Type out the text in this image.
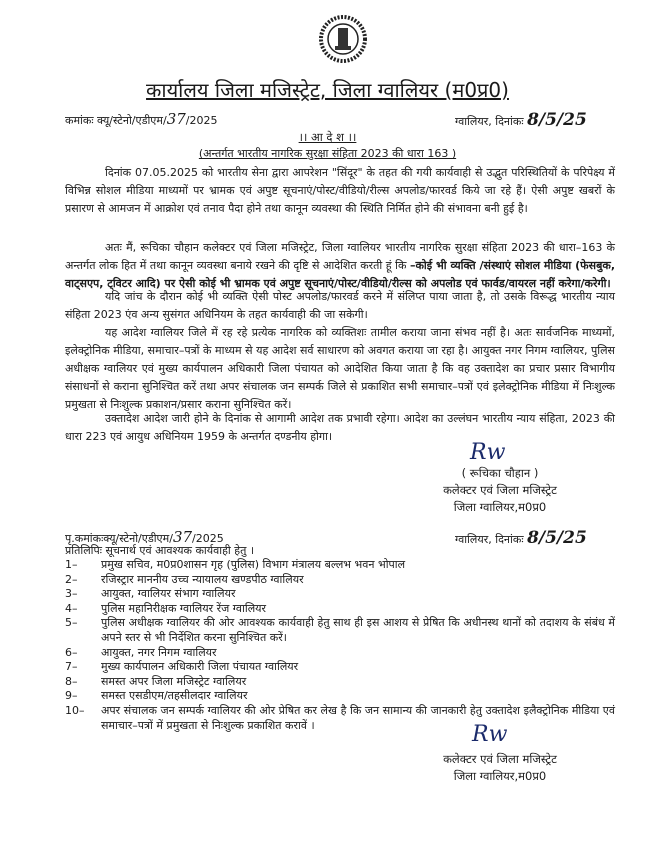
कार्यालय जिला मजिस्ट्रेट, जिला ग्वालियर (म0प्र0)
कमांकः क्यू/स्टेनो/एडीएम/37/2025	ग्वालियर, दिनांकः 8/5/25
।। आ दे श ।।
(अन्तर्गत भारतीय नागरिक सुरक्षा संहिता 2023 की धारा 163 )

दिनांक 07.05.2025 को भारतीय सेना द्वारा आपरेशन "सिंदूर" के तहत की गयी कार्यवाही से उद्भुत परिस्थितियों के परिपेक्ष्य में विभिन्न सोशल मीडिया माध्यमों पर भ्रामक एवं अपुष्ट सूचनाएं/पोस्ट/वीडियो/रील्स अपलोड/फारवर्ड किये जा रहे हैं। ऐसी अपुष्ट खबरों के प्रसारण से आमजन में आक्रोश एवं तनाव पैदा होने तथा कानून व्यवस्था की स्थिति निर्मित होने की संभावना बनी हुई है।

अतः मैं, रूचिका चौहान कलेक्टर एवं जिला मजिस्ट्रेट, जिला ग्वालियर भारतीय नागरिक सुरक्षा संहिता 2023 की धारा–163 के अन्तर्गत लोक हित में तथा कानून व्यवस्था बनाये रखने की दृष्टि से आदेशित करती हूं कि –कोई भी व्यक्ति /संस्थाएं सोशल मीडिया (फेसबुक, वाट्सएप, ट्विटर आदि) पर ऐसी कोई भी भ्रामक एवं अपुष्ट सूचनाएं/पोस्ट/वीडियो/रील्स को अपलोड एवं फार्वड/वायरल नहीं करेगा/करेगी।

यदि जांच के दौरान कोई भी व्यक्ति ऐसी पोस्ट अपलोड/फारवर्ड करने में संलिप्त पाया जाता है, तो उसके विरूद्ध भारतीय न्याय संहिता 2023 एंव अन्य सुसंगत अधिनियम के तहत कार्यवाही की जा सकेगी।

यह आदेश ग्वालियर जिले में रह रहे प्रत्येक नागरिक को व्यक्तिशः तामील कराया जाना संभव नहीं है। अतः सार्वजनिक माध्यमों, इलेक्ट्रोनिक मीडिया, समाचार–पत्रों के माध्यम से यह आदेश सर्व साधारण को अवगत कराया जा रहा है। आयुक्त नगर निगम ग्वालियर, पुलिस अधीक्षक ग्वालियर एवं मुख्य कार्यपालन अधिकारी जिला पंचायत को आदेशित किया जाता है कि वह उक्तादेश का प्रचार प्रसार विभागीय संसाधनों से कराना सुनिश्चित करें तथा अपर संचालक जन सम्पर्क जिले से प्रकाशित सभी समाचार–पत्रों एवं इलेक्ट्रोनिक मीडिया में निःशुल्क प्रमुखता से निःशुल्क प्रकाशन/प्रसार कराना सुनिश्चित करें।

उक्तादेश आदेश जारी होने के दिनांक से आगामी आदेश तक प्रभावी रहेगा। आदेश का उल्लंघन भारतीय न्याय संहिता, 2023 की धारा 223 एवं आयुध अधिनियम 1959 के अन्तर्गत दण्डनीय होगा।

Rw
( रूचिका चौहान )
कलेक्टर एवं जिला मजिस्ट्रेट
जिला ग्वालियर,म0प्र0
पृ.कमांकःक्यू/स्टेनो/एडीएम/37/2025	ग्वालियर, दिनांकः 8/5/25
प्रतिलिपिः सूचनार्थ एवं आवश्यक कार्यवाही हेतु ।
1–	प्रमुख सचिव, म0प्र0शासन गृह (पुलिस) विभाग मंत्रालय बल्लभ भवन भोपाल
2–	रजिस्ट्रार माननीय उच्च न्यायालय खण्डपीठ ग्वालियर
3–	आयुक्त, ग्वालियर संभाग ग्वालियर
4–	पुलिस महानिरीक्षक ग्वालियर रेंज ग्वालियर
5–	पुलिस अधीक्षक ग्वालियर की ओर आवश्यक कार्यवाही हेतु साथ ही इस आशय से प्रेषित कि अधीनस्थ थानों को तदाशय के संबंध में अपने स्तर से भी निर्देशित करना सुनिश्चित करें।
6–	आयुक्त, नगर निगम ग्वालियर
7–	मुख्य कार्यपालन अधिकारी जिला पंचायत ग्वालियर
8–	समस्त अपर जिला मजिस्ट्रेट ग्वालियर
9–	समस्त एसडीएम/तहसीलदार ग्वालियर
10–	अपर संचालक जन सम्पर्क ग्वालियर की ओर प्रेषित कर लेख है कि जन सामान्य की जानकारी हेतु उक्तादेश इलैक्ट्रोनिक मीडिया एवं समाचार–पत्रों में प्रमुखता से निःशुल्क प्रकाशित करावें ।	Rw
कलेक्टर एवं जिला मजिस्ट्रेट
जिला ग्वालियर,म0प्र0
